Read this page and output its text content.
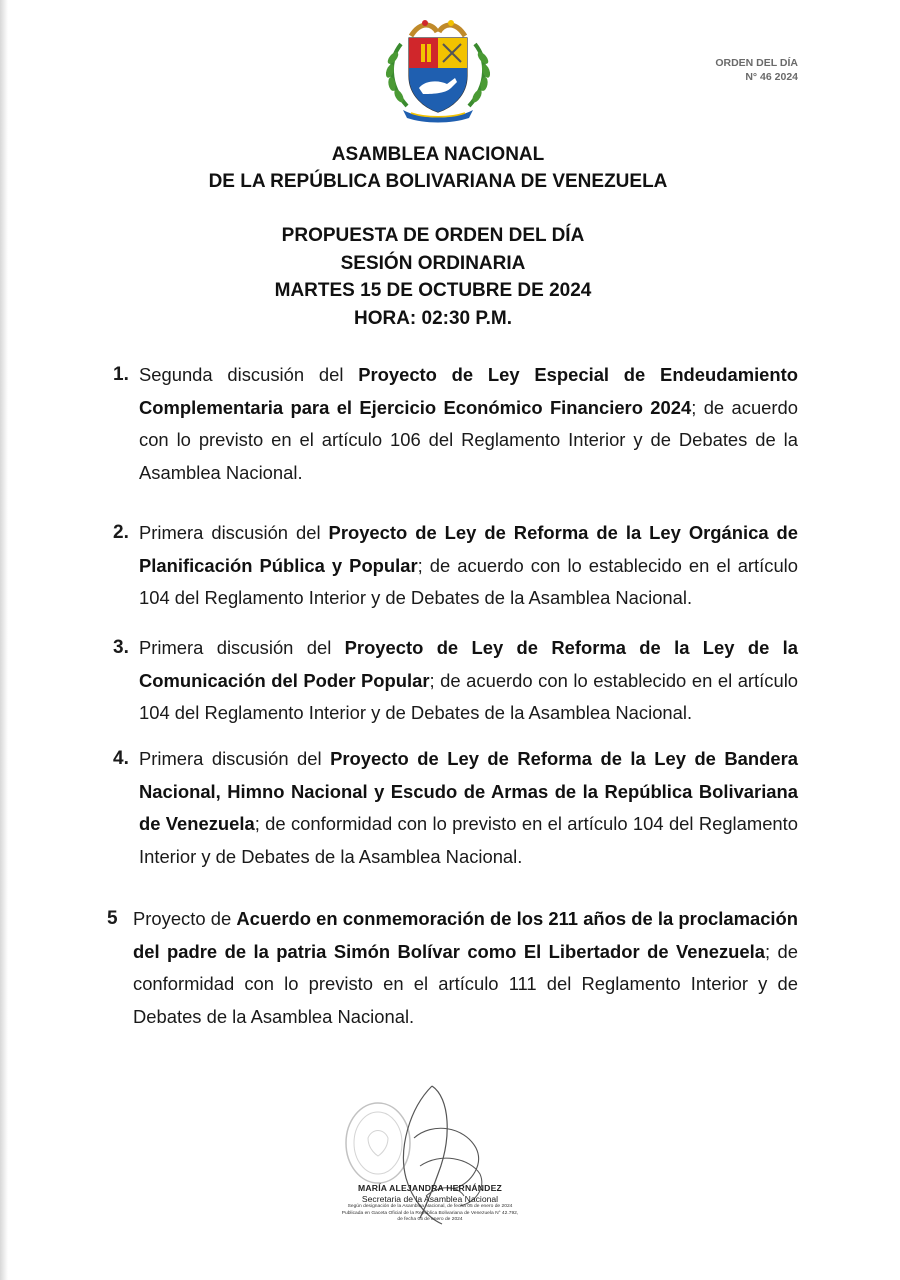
ORDEN DEL DÍA
N° 46 2024
ASAMBLEA NACIONAL
DE LA REPÚBLICA BOLIVARIANA DE VENEZUELA
PROPUESTA DE ORDEN DEL DÍA
SESIÓN ORDINARIA
MARTES 15 DE OCTUBRE DE 2024
HORA: 02:30 P.M.
1. Segunda discusión del Proyecto de Ley Especial de Endeudamiento Complementaria para el Ejercicio Económico Financiero 2024; de acuerdo con lo previsto en el artículo 106 del Reglamento Interior y de Debates de la Asamblea Nacional.
2. Primera discusión del Proyecto de Ley de Reforma de la Ley Orgánica de Planificación Pública y Popular; de acuerdo con lo establecido en el artículo 104 del Reglamento Interior y de Debates de la Asamblea Nacional.
3. Primera discusión del Proyecto de Ley de Reforma de la Ley de la Comunicación del Poder Popular; de acuerdo con lo establecido en el artículo 104 del Reglamento Interior y de Debates de la Asamblea Nacional.
4. Primera discusión del Proyecto de Ley de Reforma de la Ley de Bandera Nacional, Himno Nacional y Escudo de Armas de la República Bolivariana de Venezuela; de conformidad con lo previsto en el artículo 104 del Reglamento Interior y de Debates de la Asamblea Nacional.
5 Proyecto de Acuerdo en conmemoración de los 211 años de la proclamación del padre de la patria Simón Bolívar como El Libertador de Venezuela; de conformidad con lo previsto en el artículo 111 del Reglamento Interior y de Debates de la Asamblea Nacional.
MARÍA ALEJANDRA HERNÁNDEZ
Secretaria de la Asamblea Nacional
Según designación de la Asamblea Nacional, de fecha 05 de enero de 2024
Publicada en Gaceta Oficial de la República Bolivariana de Venezuela N° 42.792,
de fecha 05 de enero de 2024
